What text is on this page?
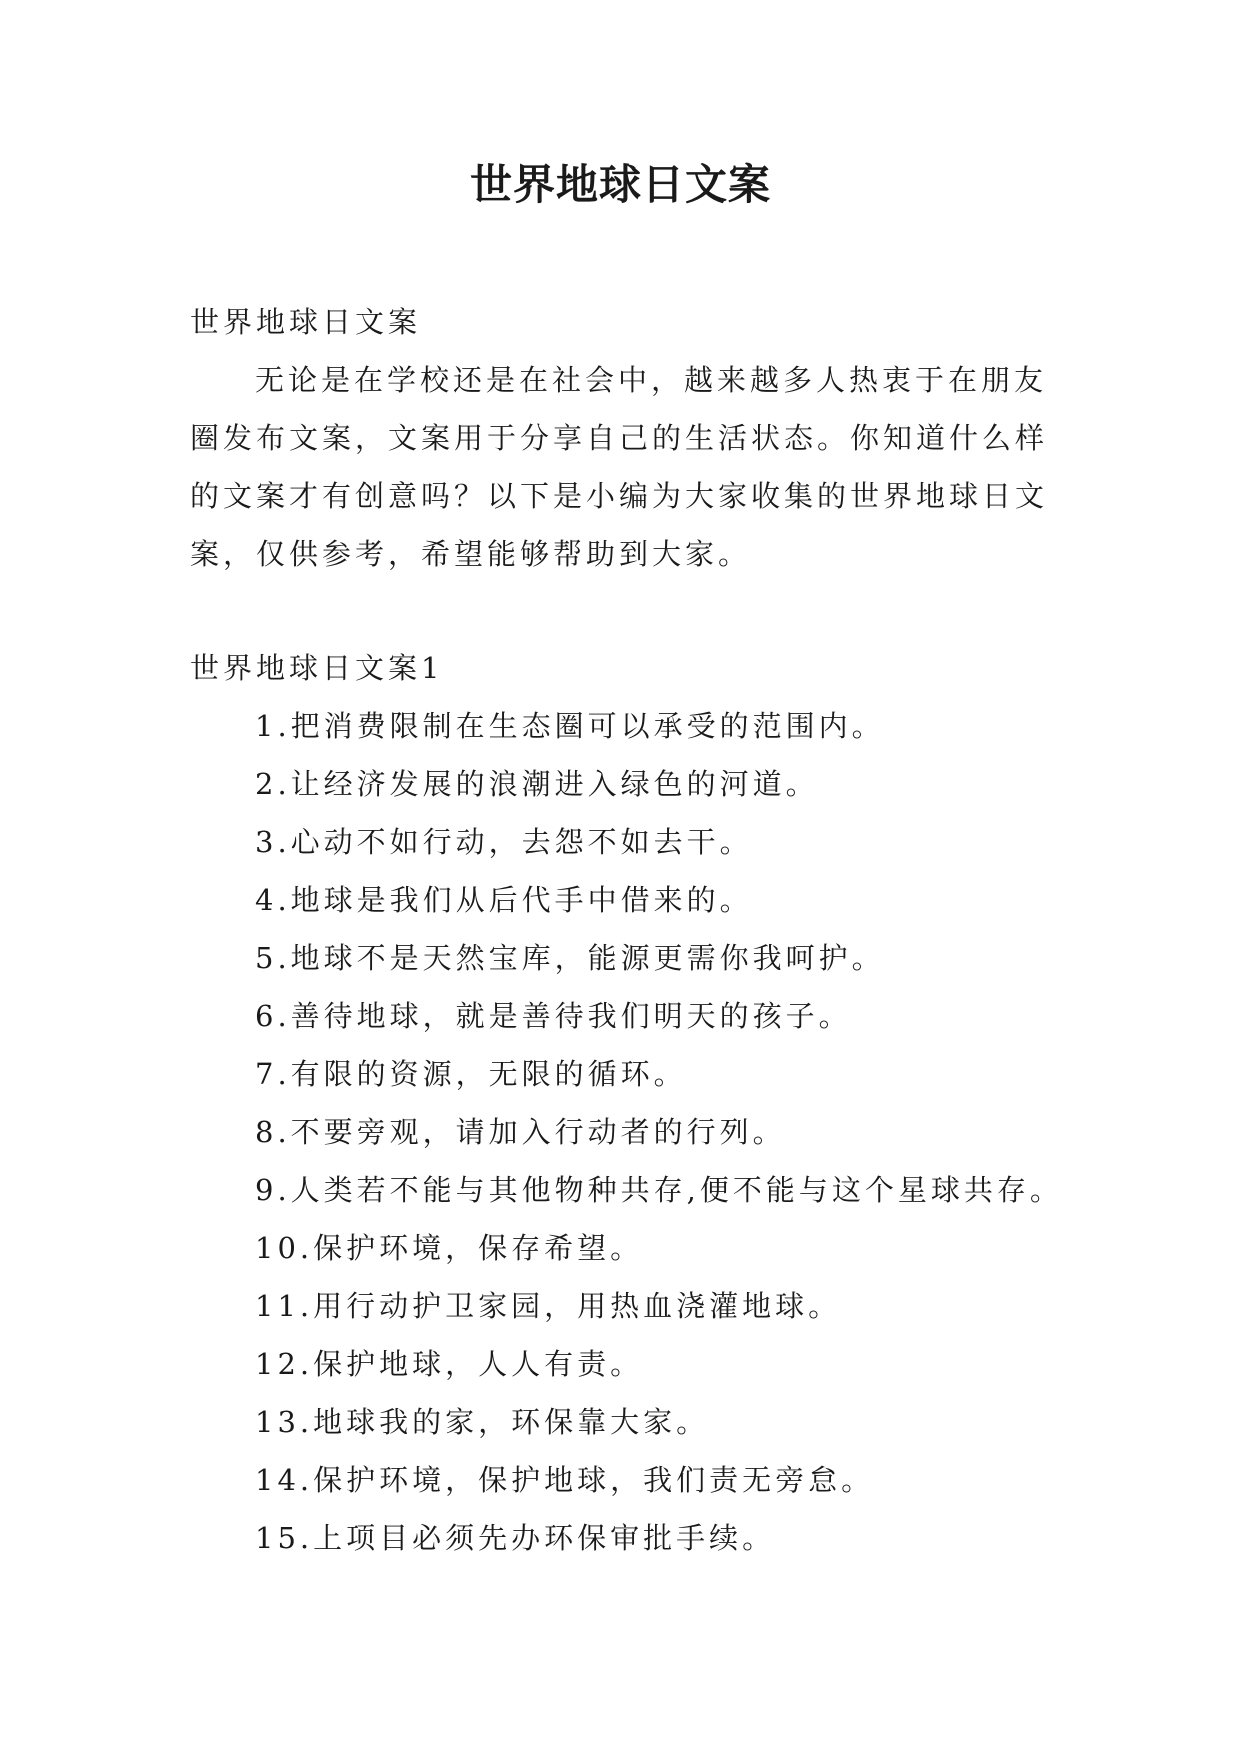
世界地球日文案

世界地球日文案

无论是在学校还是在社会中，越来越多人热衷于在朋友圈发布文案，文案用于分享自己的生活状态。你知道什么样的文案才有创意吗？以下是小编为大家收集的世界地球日文案，仅供参考，希望能够帮助到大家。

世界地球日文案1

1.把消费限制在生态圈可以承受的范围内。
2.让经济发展的浪潮进入绿色的河道。
3.心动不如行动，去怨不如去干。
4.地球是我们从后代手中借来的。
5.地球不是天然宝库，能源更需你我呵护。
6.善待地球，就是善待我们明天的孩子。
7.有限的资源，无限的循环。
8.不要旁观，请加入行动者的行列。
9.人类若不能与其他物种共存,便不能与这个星球共存。
10.保护环境，保存希望。
11.用行动护卫家园，用热血浇灌地球。
12.保护地球，人人有责。
13.地球我的家，环保靠大家。
14.保护环境，保护地球，我们责无旁怠。
15.上项目必须先办环保审批手续。
